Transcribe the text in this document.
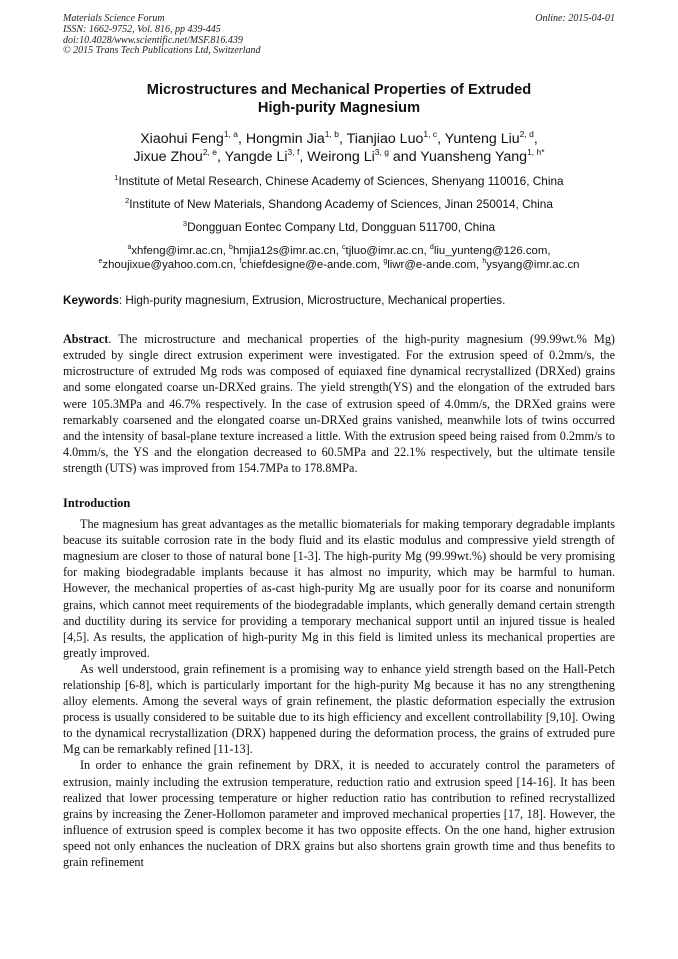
Materials Science Forum
ISSN: 1662-9752, Vol. 816, pp 439-445
doi:10.4028/www.scientific.net/MSF.816.439
© 2015 Trans Tech Publications Ltd, Switzerland
Online: 2015-04-01
Microstructures and Mechanical Properties of Extruded
High-purity Magnesium
Xiaohui Feng$^{1, a}$, Hongmin Jia$^{1, b}$, Tianjiao Luo$^{1, c}$, Yunteng Liu$^{2, d}$,
Jixue Zhou$^{2, e}$, Yangde Li$^{3, f}$, Weirong Li$^{3, g}$ and Yuansheng Yang$^{1, h*}$
$^1$Institute of Metal Research, Chinese Academy of Sciences, Shenyang 110016, China
$^2$Institute of New Materials, Shandong Academy of Sciences, Jinan 250014, China
$^3$Dongguan Eontec Company Ltd, Dongguan 511700, China
$^a$xhfeng@imr.ac.cn, $^b$hmjia12s@imr.ac.cn, $^c$tjluo@imr.ac.cn, $^d$liu_yunteng@126.com,
$^e$zhoujixue@yahoo.com.cn, $^f$chiefdesigne@e-ande.com, $^g$liwr@e-ande.com, $^h$ysyang@imr.ac.cn
Keywords: High-purity magnesium, Extrusion, Microstructure, Mechanical properties.
Abstract. The microstructure and mechanical properties of the high-purity magnesium (99.99wt.% Mg) extruded by single direct extrusion experiment were investigated. For the extrusion speed of 0.2mm/s, the microstructure of extruded Mg rods was composed of equiaxed fine dynamical recrystallized (DRXed) grains and some elongated coarse un-DRXed grains. The yield strength(YS) and the elongation of the extruded bars were 105.3MPa and 46.7% respectively. In the case of extrusion speed of 4.0mm/s, the DRXed grains were remarkably coarsened and the elongated coarse un-DRXed grains vanished, meanwhile lots of twins occurred and the intensity of basal-plane texture increased a little. With the extrusion speed being raised from 0.2mm/s to 4.0mm/s, the YS and the elongation decreased to 60.5MPa and 22.1% respectively, but the ultimate tensile strength (UTS) was improved from 154.7MPa to 178.8MPa.
Introduction
The magnesium has great advantages as the metallic biomaterials for making temporary degradable implants beacuse its suitable corrosion rate in the body fluid and its elastic modulus and compressive yield strength of magnesium are closer to those of natural bone [1-3]. The high-purity Mg (99.99wt.%) should be very promising for making biodegradable implants because it has almost no impurity, which may be harmful to human. However, the mechanical properties of as-cast high-purity Mg are usually poor for its coarse and nonuniform grains, which cannot meet requirements of the biodegradable implants, which generally demand certain strength and ductility during its service for providing a temporary mechanical support until an injured tissue is healed [4,5]. As results, the application of high-purity Mg in this field is limited unless its mechanical properties are greatly improved.
As well understood, grain refinement is a promising way to enhance yield strength based on the Hall-Petch relationship [6-8], which is particularly important for the high-purity Mg because it has no any strengthening alloy elements. Among the several ways of grain refinement, the plastic deformation especially the extrusion process is usually considered to be suitable due to its high efficiency and excellent controllability [9,10]. Owing to the dynamical recrystallization (DRX) happened during the deformation process, the grains of extruded pure Mg can be remarkably refined [11-13].
In order to enhance the grain refinement by DRX, it is needed to accurately control the parameters of extrusion, mainly including the extrusion temperature, reduction ratio and extrusion speed [14-16]. It has been realized that lower processing temperature or higher reduction ratio has contribution to refined recrystallized grains by increasing the Zener-Hollomon parameter and improved mechanical properties [17, 18]. However, the influence of extrusion speed is complex become it has two opposite effects. On the one hand, higher extrusion speed not only enhances the nucleation of DRX grains but also shortens grain growth time and thus benefits to grain refinement
